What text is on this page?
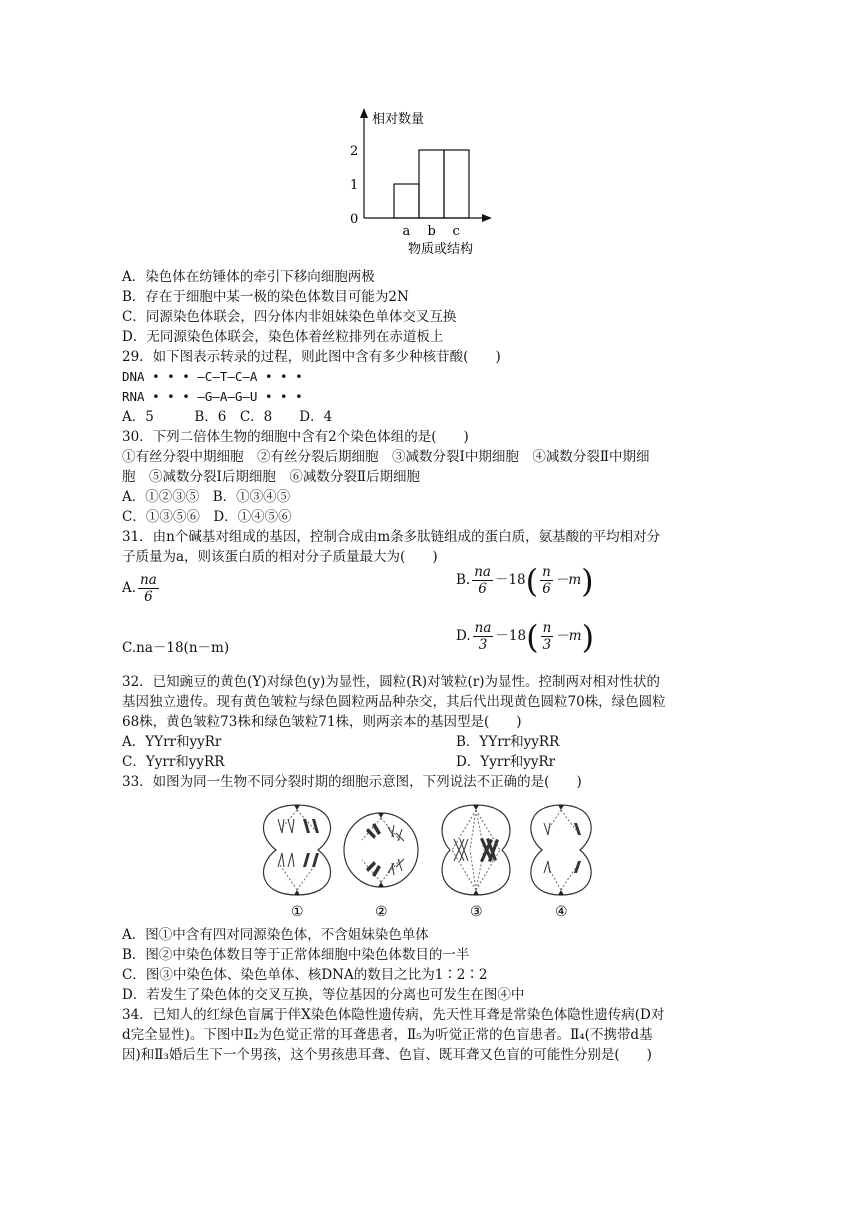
相对数量
物质或结构
0
1
2
a b c
A．染色体在纺锤体的牵引下移向细胞两极
B．存在于细胞中某一极的染色体数目可能为2N
C．同源染色体联会，四分体内非姐妹染色单体交叉互换
D．无同源染色体联会，染色体着丝粒排列在赤道板上
29．如下图表示转录的过程，则此图中含有多少种核苷酸(　　)
DNA • • • —C—T—C—A • • •
RNA • • • —G—A—G—U • • •
A．5　　　B．6　C．8　　D．4
30．下列二倍体生物的细胞中含有2个染色体组的是(　　)
①有丝分裂中期细胞　②有丝分裂后期细胞　③减数分裂Ⅰ中期细胞　④减数分裂Ⅱ中期细
胞　⑤减数分裂Ⅰ后期细胞　⑥减数分裂Ⅱ后期细胞
A．①②③⑤　B．①③④⑤
C．①③⑤⑥　D．①④⑤⑥
31．由n个碱基对组成的基因，控制合成由m条多肽链组成的蛋白质，氨基酸的平均相对分
子质量为a，则该蛋白质的相对分子质量最大为(　　)
A. $\frac{na}{6}$	B. $\frac{na}{6} -18( \frac{n}{6} -m)$
C.na－18(n－m)
D. $\frac{na}{3} -18( \frac{n}{3} -m)$
32．已知豌豆的黄色(Y)对绿色(y)为显性，圆粒(R)对皱粒(r)为显性。控制两对相对性状的
基因独立遗传。现有黄色皱粒与绿色圆粒两品种杂交，其后代出现黄色圆粒70株，绿色圆粒
68株，黄色皱粒73株和绿色皱粒71株，则两亲本的基因型是(　　)
A．YYrr和yyRr	B．YYrr和yyRR
C．Yyrr和yyRR	D．Yyrr和yyRr
33．如图为同一生物不同分裂时期的细胞示意图，下列说法不正确的是(　　)
①	②	③	④
A．图①中含有四对同源染色体，不含姐妹染色单体
B．图②中染色体数目等于正常体细胞中染色体数目的一半
C．图③中染色体、染色单体、核DNA的数目之比为1∶2∶2
D．若发生了染色体的交叉互换，等位基因的分离也可发生在图④中
34．已知人的红绿色盲属于伴X染色体隐性遗传病，先天性耳聋是常染色体隐性遗传病(D对
d完全显性)。下图中Ⅱ₂为色觉正常的耳聋患者，Ⅱ₅为听觉正常的色盲患者。Ⅱ₄(不携带d基
因)和Ⅱ₃婚后生下一个男孩，这个男孩患耳聋、色盲、既耳聋又色盲的可能性分别是(　　)
